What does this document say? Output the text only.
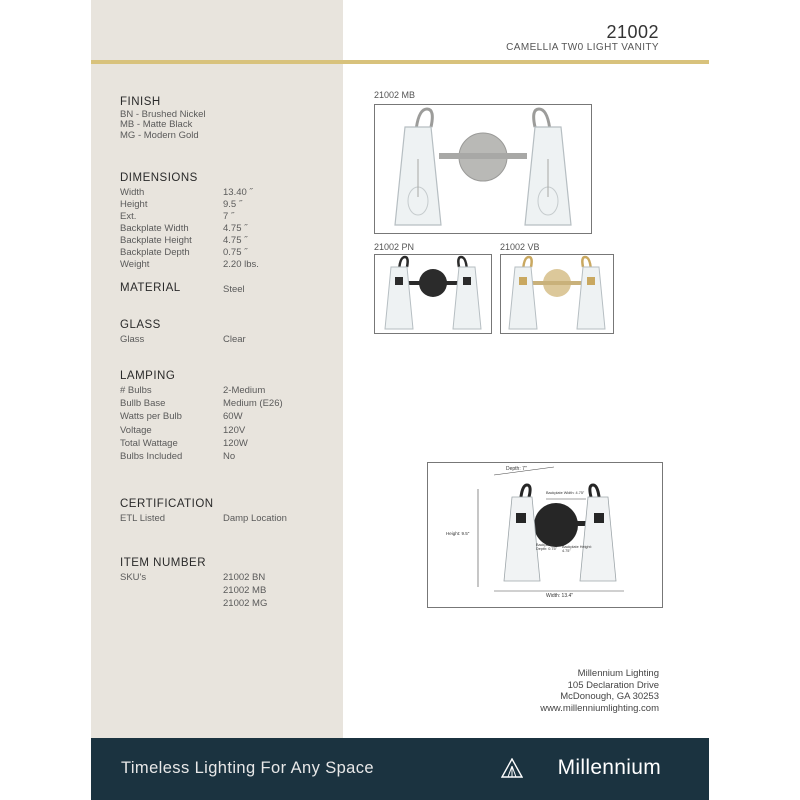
21002
CAMELLIA TW0 LIGHT VANITY
FINISH
BN - Brushed Nickel
MB - Matte Black
MG - Modern Gold
DIMENSIONS
Width	13.40 ˝
Height	9.5 ˝
Ext.	7 ˝
Backplate Width	4.75 ˝
Backplate Height	4.75 ˝
Backplate Depth	0.75 ˝
Weight	2.20 lbs.
MATERIAL	Steel
GLASS
Glass	Clear
LAMPING
# Bulbs	2-Medium
Bullb Base	Medium (E26)
Watts per Bulb	60W
Voltage	120V
Total Wattage	120W
Bulbs Included	No
CERTIFICATION
ETL Listed	Damp Location
ITEM NUMBER
SKU's	21002 BN
21002 MB
21002 MG
21002 MB
21002 PN	21002 VB
Depth: 7"
Backplate Width: 4.75"
Height: 9.5"
Backplate Depth: 0.75"	Backplate Height: 4.75"
Width: 13.4"
Millennium Lighting
105 Declaration Drive
McDonough, GA 30253
www.millenniumlighting.com
Timeless Lighting For Any Space	Millennium
